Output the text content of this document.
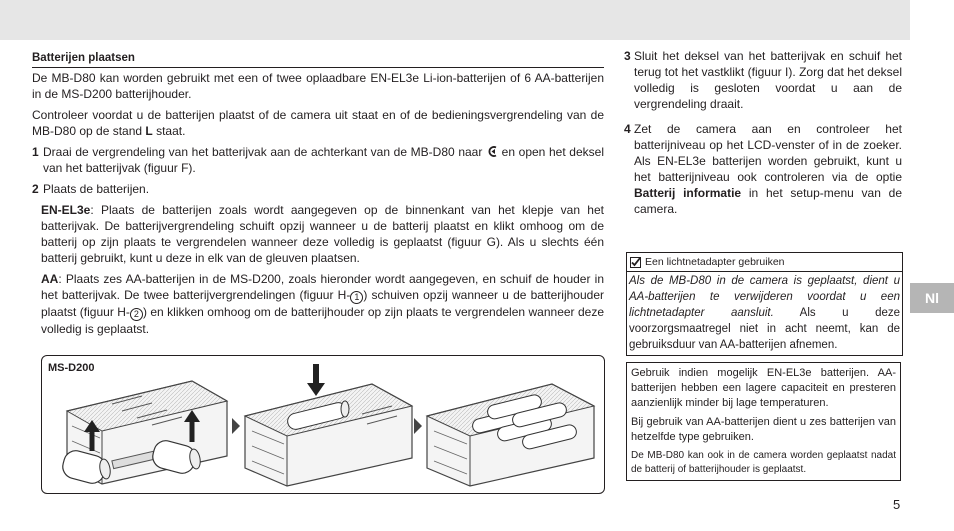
Nl
5
Batterijen plaatsen

De MB-D80 kan worden gebruikt met een of twee oplaadbare EN-EL3e Li-ion-batterijen of 6 AA-batterijen in de MS-D200 batterijhouder.

Controleer voordat u de batterijen plaatst of de camera uit staat en of de bedieningsvergrendeling van de MB-D80 op de stand L staat.

1 Draai de vergrendeling van het batterijvak aan de achterkant van de MB-D80 naar  en open het deksel van het batterijvak (figuur F).
2 Plaats de batterijen.

EN-EL3e: Plaats de batterijen zoals wordt aangegeven op de binnenkant van het klepje van het batterijvak. De batterijvergrendeling schuift opzij wanneer u de batterij plaatst en klikt omhoog om de batterij op zijn plaats te vergrendelen wanneer deze volledig is geplaatst (figuur G). Als u slechts één batterij gebruikt, kunt u deze in elk van de gleuven plaatsen.

AA: Plaats zes AA-batterijen in de MS-D200, zoals hieronder wordt aangegeven, en schuif de houder in het batterijvak. De twee batterijvergrendelingen (figuur H- 1 ) schuiven opzij wanneer u de batterijhouder plaatst (figuur H- 2 ) en klikken omhoog om de batterijhouder op zijn plaats te vergrendelen wanneer deze volledig is geplaatst.

MS-D200
3 Sluit het deksel van het batterijvak en schuif het terug tot het vastklikt (figuur I). Zorg dat het deksel volledig is gesloten voordat u aan de vergrendeling draait.
4 Zet de camera aan en controleer het batterijniveau op het LCD-venster of in de zoeker. Als EN-EL3e batterijen worden gebruikt, kunt u het batterijniveau ook controleren via de optie Batterij informatie in het setup-menu van de camera.
Een lichtnetadapter gebruiken
Als de MB-D80 in de camera is geplaatst, dient u AA-batterijen te verwijderen voordat u een lichtnetadapter aansluit. Als u deze voorzorgsmaatregel niet in acht neemt, kan de gebruiksduur van AA-batterijen afnemen.

Gebruik indien mogelijk EN-EL3e batterijen. AA-batterijen hebben een lagere capaciteit en presteren aanzienlijk minder bij lage temperaturen.

Bij gebruik van AA-batterijen dient u zes batterijen van hetzelfde type gebruiken.

De MB-D80 kan ook in de camera worden geplaatst nadat de batterij of batterijhouder is geplaatst.
